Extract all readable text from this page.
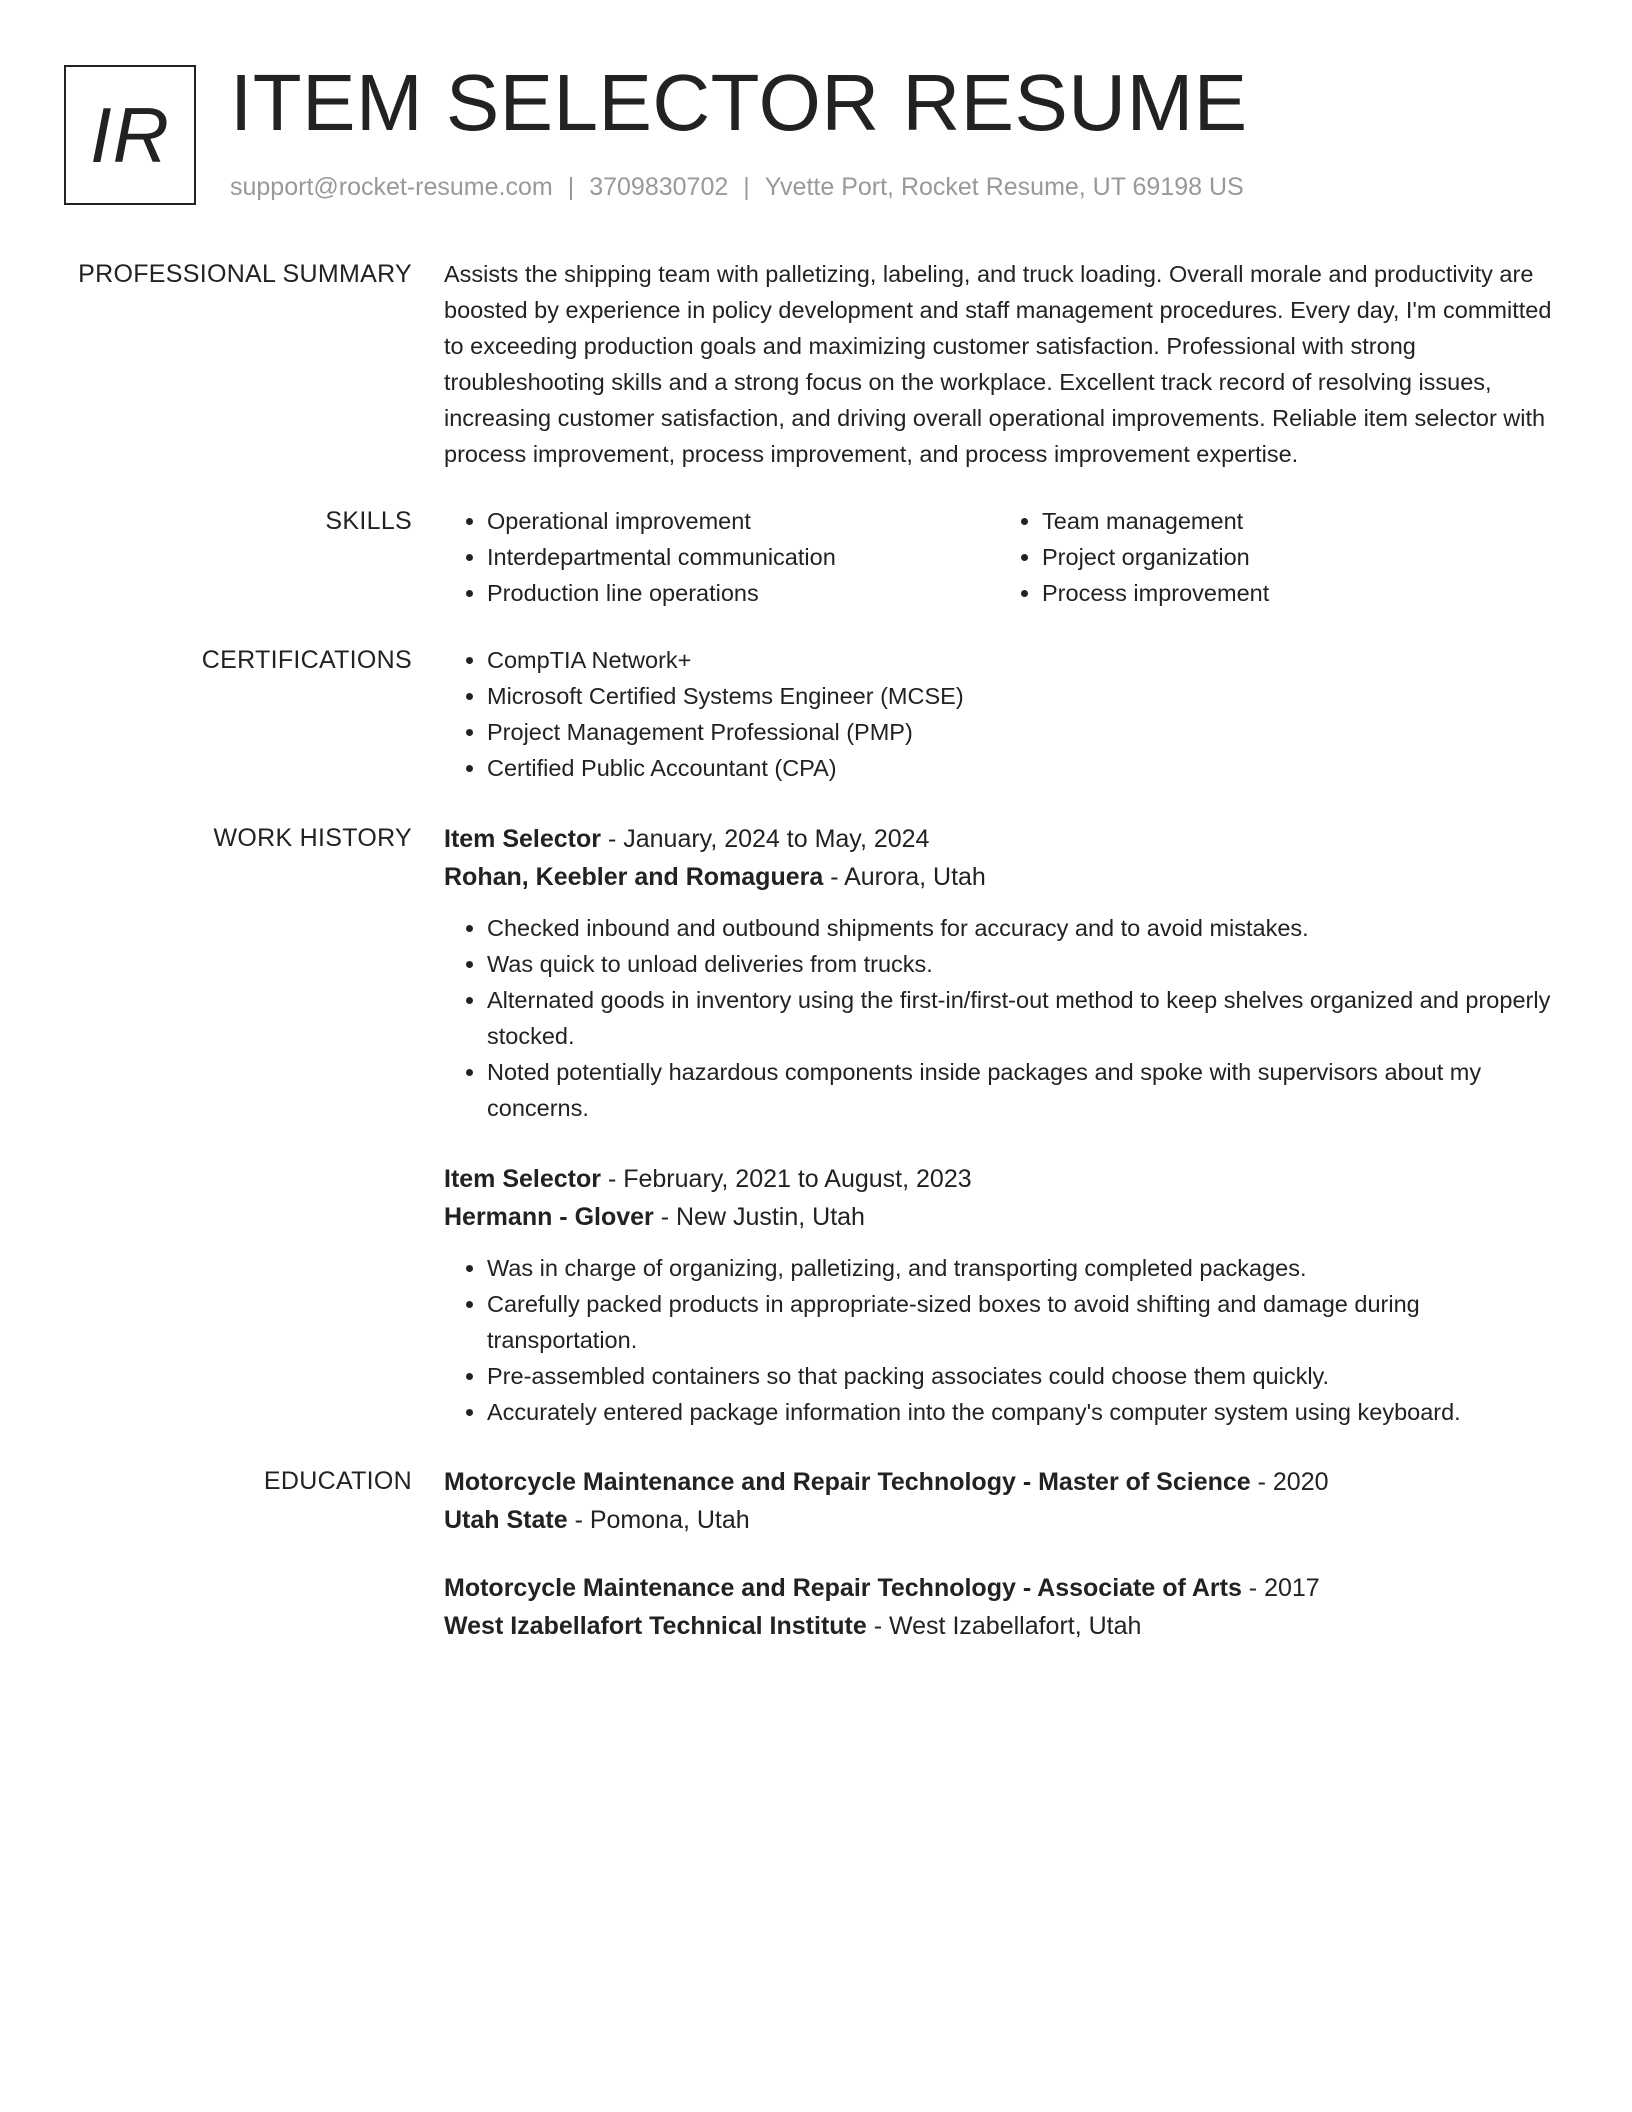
IR ITEM SELECTOR RESUME
support@rocket-resume.com | 3709830702 | Yvette Port, Rocket Resume, UT 69198 US
PROFESSIONAL SUMMARY Assists the shipping team with palletizing, labeling, and truck loading. Overall morale and productivity are boosted by experience in policy development and staff management procedures. Every day, I'm committed to exceeding production goals and maximizing customer satisfaction. Professional with strong troubleshooting skills and a strong focus on the workplace. Excellent track record of resolving issues, increasing customer satisfaction, and driving overall operational improvements. Reliable item selector with process improvement, process improvement, and process improvement expertise.

SKILLS	• Operational improvement
• Interdepartmental communication
• Production line operations
• Team management
• Project organization
• Process improvement
CERTIFICATIONS	• CompTIA Network+
• Microsoft Certified Systems Engineer (MCSE)
• Project Management Professional (PMP)
• Certified Public Accountant (CPA)
WORK HISTORY Item Selector - January, 2024 to May, 2024
Rohan, Keebler and Romaguera - Aurora, Utah
• Checked inbound and outbound shipments for accuracy and to avoid mistakes.
• Was quick to unload deliveries from trucks.
• Alternated goods in inventory using the first-in/first-out method to keep shelves organized and properly stocked.
• Noted potentially hazardous components inside packages and spoke with supervisors about my concerns.
Item Selector - February, 2021 to August, 2023
Hermann - Glover - New Justin, Utah
• Was in charge of organizing, palletizing, and transporting completed packages.
• Carefully packed products in appropriate-sized boxes to avoid shifting and damage during transportation.
• Pre-assembled containers so that packing associates could choose them quickly.
• Accurately entered package information into the company's computer system using keyboard.
EDUCATION Motorcycle Maintenance and Repair Technology - Master of Science - 2020
Utah State - Pomona, Utah
Motorcycle Maintenance and Repair Technology - Associate of Arts - 2017
West Izabellafort Technical Institute - West Izabellafort, Utah
